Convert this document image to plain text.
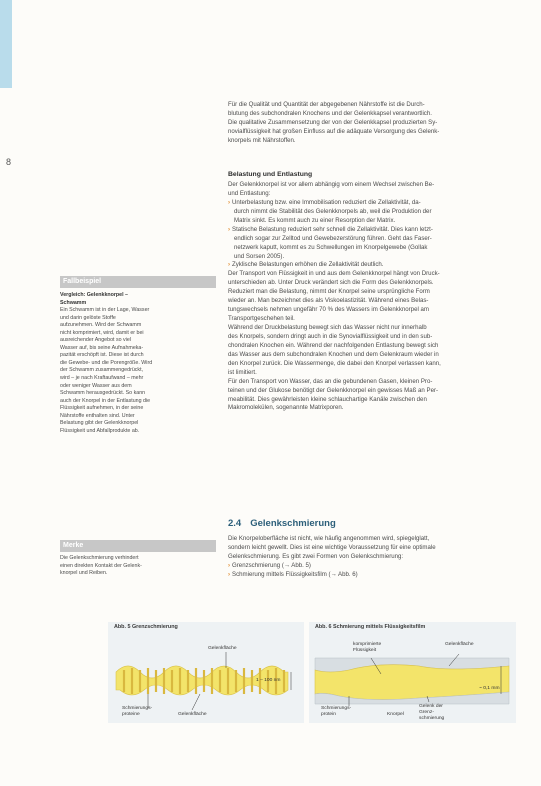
8
Für die Qualität und Quantität der abgegebenen Nährstoffe ist die Durch-
blutung des subchondralen Knochens und der Gelenkkapsel verantwortlich.
Die qualitative Zusammensetzung der von der Gelenkkapsel produzierten Sy-
novialflüssigkeit hat großen Einfluss auf die adäquate Versorgung des Gelenk-
knorpels mit Nährstoffen.
Belastung und Entlastung
Der Gelenkknorpel ist vor allem abhängig vom einem Wechsel zwischen Be-
und Entlastung:
› Unterbelastung bzw. eine Immobilisation reduziert die Zellaktivität, da-
durch nimmt die Stabilität des Gelenkknorpels ab, weil die Produktion der
Matrix sinkt. Es kommt auch zu einer Resorption der Matrix.
› Statische Belastung reduziert sehr schnell die Zellaktivität. Dies kann letzt-
endlich sogar zur Zelltod und Gewebezerstörung führen. Geht das Faser-
netzwerk kaputt, kommt es zu Schwellungen im Knorpelgewebe (Gollak
und Sorsen 2005).
› Zyklische Belastungen erhöhen die Zellaktivität deutlich.
Der Transport von Flüssigkeit in und aus dem Gelenkknorpel hängt von Druck-
unterschieden ab. Unter Druck verändert sich die Form des Gelenkknorpels.
Reduziert man die Belastung, nimmt der Knorpel seine ursprüngliche Form
wieder an. Man bezeichnet dies als Viskoelastizität. Während eines Belas-
tungswechsels nehmen ungefähr 70 % des Wassers im Gelenkknorpel am
Transportgeschehen teil.
Während der Druckbelastung bewegt sich das Wasser nicht nur innerhalb
des Knorpels, sondern dringt auch in die Synovialflüssigkeit und in den sub-
chondralen Knochen ein. Während der nachfolgenden Entlastung bewegt sich
das Wasser aus dem subchondralen Knochen und dem Gelenkraum wieder in
den Knorpel zurück. Die Wassermenge, die dabei den Knorpel verlassen kann,
ist limitiert.
Für den Transport von Wasser, das an die gebundenen Gasen, kleinen Pro-
teinen und der Glukose benötigt der Gelenkknorpel ein gewisses Maß an Per-
meabilität. Dies gewährleisten kleine schlauchartige Kanäle zwischen den
Makromolekülen, sogenannte Matrixporen.
2.4 Gelenkschmierung
Die Knorpeloberfläche ist nicht, wie häufig angenommen wird, spiegelglatt,
sondern leicht gewellt. Dies ist eine wichtige Voraussetzung für eine optimale
Gelenkschmierung. Es gibt zwei Formen von Gelenkschmierung:
› Grenzschmierung (→ Abb. 5)
› Schmierung mittels Flüssigkeitsfilm (→ Abb. 6)
Fallbeispiel
Vergleich: Gelenkknorpel –
Schwamm
Ein Schwamm ist in der Lage, Wasser
und darin gelöste Stoffe
aufzunehmen. Wird der Schwamm
nicht komprimiert, wird, damit er bei
ausreichender Angebot so viel
Wasser auf, bis seine Aufnahmeka-
pazität erschöpft ist. Diese ist durch
die Gewebe- und die Porengröße. Wird
der Schwamm zusammengedrückt,
wird – je nach Kraftaufwand – mehr
oder weniger Wasser aus dem
Schwamm herausgedrückt. So kann
auch der Knorpel in der Entlastung die
Flüssigkeit aufnehmen, in der seine
Nährstoffe enthalten sind. Unter
Belastung gibt der Gelenkknorpel
Flüssigkeit und Abfallprodukte ab.
Merke
Die Gelenkschmierung verhindert
einen direkten Kontakt der Gelenk-
knorpel und Reiben.
Abb. 5 Grenzschmierung
Gelenkfläche
1 – 100 nm
Schmierungs-
proteine	Gelenkfläche
Abb. 6 Schmierung mittels Flüssigkeitsfilm
komprimierte
Flüssigkeit
Gelenkfläche
~ 0,1 mm
Schmierungs-
protein	Knorpel
Gelenk der
Grenz-
schmierung
